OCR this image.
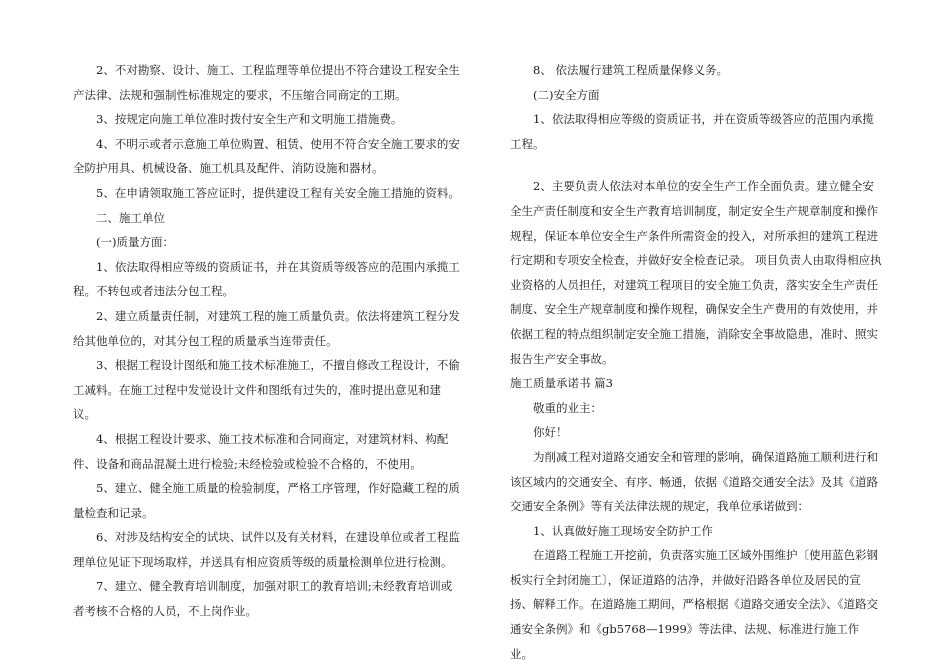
2、不对勘察、设计、施工、工程监理等单位提出不符合建设工程安全生产法律、法规和强制性标准规定的要求，不压缩合同商定的工期。

3、按规定向施工单位准时拨付安全生产和文明施工措施费。

4、不明示或者示意施工单位购置、租赁、使用不符合安全施工要求的安全防护用具、机械设备、施工机具及配件、消防设施和器材。

5、在申请领取施工答应证时，提供建设工程有关安全施工措施的资料。

二、施工单位

(一)质量方面：

1、依法取得相应等级的资质证书，并在其资质等级答应的范围内承揽工程。不转包或者违法分包工程。

2、建立质量责任制，对建筑工程的施工质量负责。依法将建筑工程分发给其他单位的，对其分包工程的质量承当连带责任。

3、根据工程设计图纸和施工技术标准施工，不擅自修改工程设计，不偷工减料。在施工过程中发觉设计文件和图纸有过失的，准时提出意见和建议。

4、根据工程设计要求、施工技术标准和合同商定，对建筑材料、构配件、设备和商品混凝土进行检验;未经检验或检验不合格的，不使用。

5、建立、健全施工质量的检验制度，严格工序管理，作好隐藏工程的质量检查和记录。

6、对涉及结构安全的试块、试件以及有关材料，在建设单位或者工程监理单位见证下现场取样，并送具有相应资质等级的质量检测单位进行检测。

7、建立、健全教育培训制度，加强对职工的教育培训;未经教育培训或者考核不合格的人员，不上岗作业。

8、 依法履行建筑工程质量保修义务。

(二)安全方面

1、依法取得相应等级的资质证书，并在资质等级答应的范围内承揽工程。

2、主要负责人依法对本单位的安全生产工作全面负责。建立健全安全生产责任制度和安全生产教育培训制度，制定安全生产规章制度和操作规程，保证本单位安全生产条件所需资金的投入，对所承担的建筑工程进行定期和专项安全检查，并做好安全检查记录。 项目负责人由取得相应执业资格的人员担任，对建筑工程项目的安全施工负责，落实安全生产责任制度、安全生产规章制度和操作规程，确保安全生产费用的有效使用，并依据工程的特点组织制定安全施工措施，消除安全事故隐患，准时、照实报告生产安全事故。

施工质量承诺书 篇3

敬重的业主：

你好！

为削减工程对道路交通安全和管理的影响，确保道路施工顺利进行和该区域内的交通安全、有序、畅通，依据《道路交通安全法》及其《道路交通安全条例》等有关法律法规的规定，我单位承诺做到：

1、认真做好施工现场安全防护工作

在道路工程施工开挖前，负责落实施工区域外围维护〔使用蓝色彩钢板实行全封闭施工〕，保证道路的洁净，并做好沿路各单位及居民的宣扬、解释工作。在道路施工期间，严格根据《道路交通安全法》、《道路交通安全条例》和《gb5768—1999》等法律、法规、标准进行施工作业。
